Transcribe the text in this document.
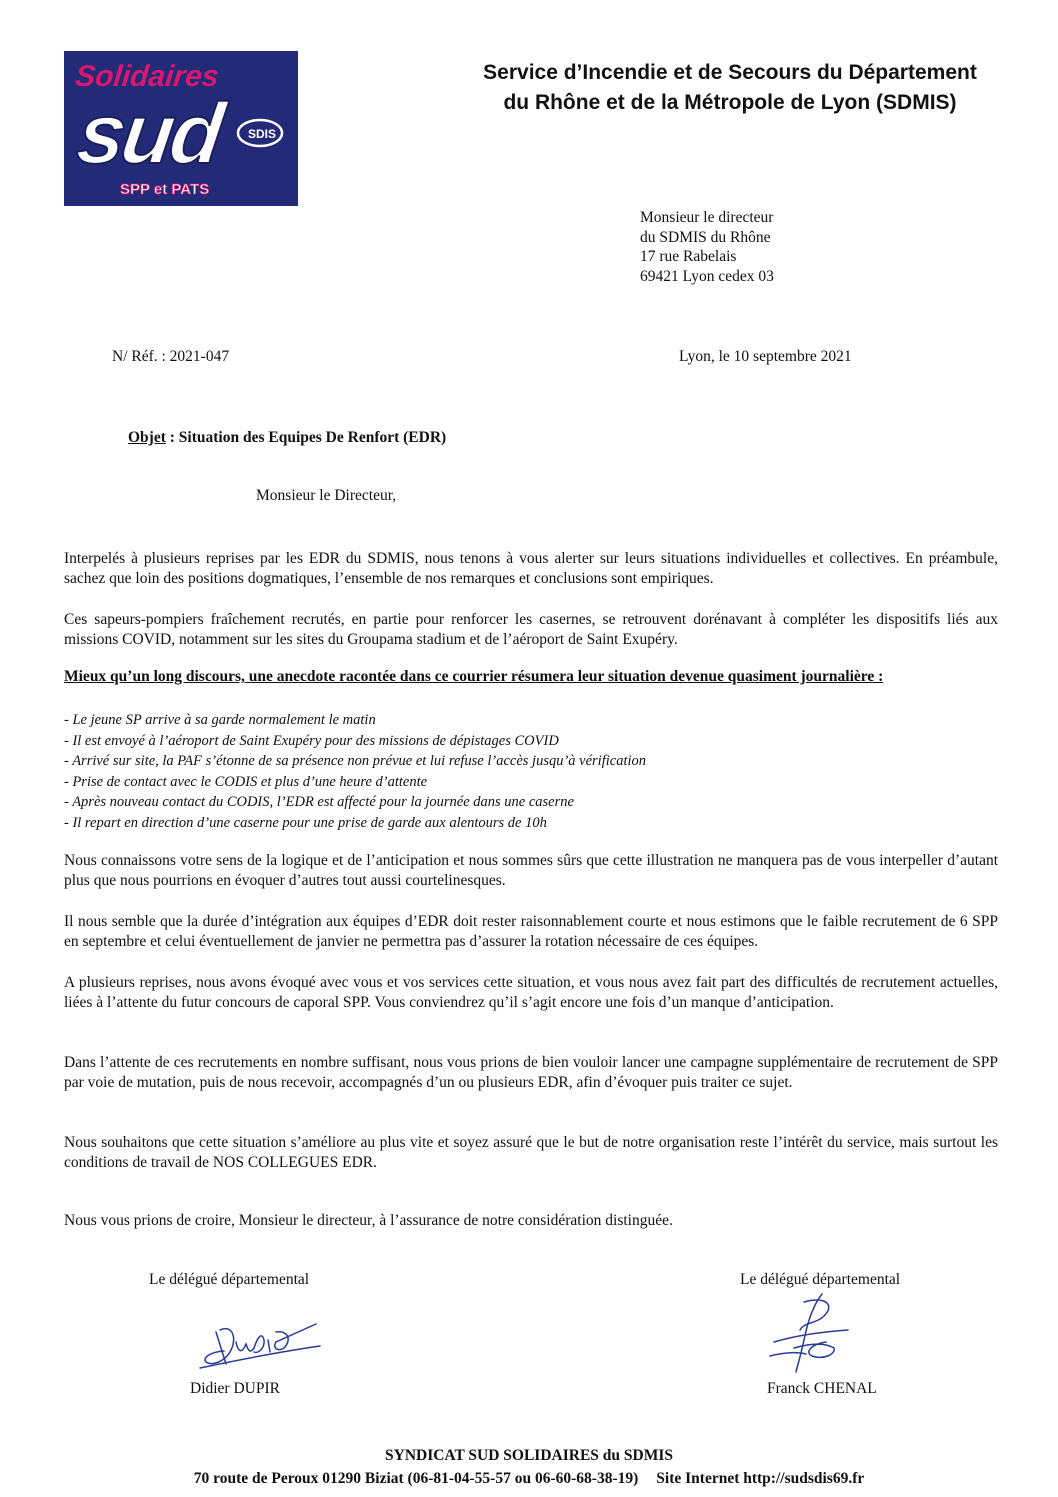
Solidaires
sud	SDIS
SPP et PATS
Service d’Incendie et de Secours du Département
du Rhône et de la Métropole de Lyon (SDMIS)
Monsieur le directeur
du SDMIS du Rhône
17 rue Rabelais
69421 Lyon cedex 03
N/ Réf. : 2021-047	Lyon, le 10 septembre 2021
Objet : Situation des Equipes De Renfort (EDR)
Monsieur le Directeur,

Interpelés à plusieurs reprises par les EDR du SDMIS, nous tenons à vous alerter sur leurs situations individuelles et collectives. En préambule, sachez que loin des positions dogmatiques, l’ensemble de nos remarques et conclusions sont empiriques.

Ces sapeurs-pompiers fraîchement recrutés, en partie pour renforcer les casernes, se retrouvent dorénavant à compléter les dispositifs liés aux missions COVID, notamment sur les sites du Groupama stadium et de l’aéroport de Saint Exupéry.

Mieux qu’un long discours, une anecdote racontée dans ce courrier résumera leur situation devenue quasiment journalière :
- Le jeune SP arrive à sa garde normalement le matin
- Il est envoyé à l’aéroport de Saint Exupéry pour des missions de dépistages COVID
- Arrivé sur site, la PAF s’étonne de sa présence non prévue et lui refuse l’accès jusqu’à vérification
- Prise de contact avec le CODIS et plus d’une heure d’attente
- Après nouveau contact du CODIS, l’EDR est affecté pour la journée dans une caserne
- Il repart en direction d’une caserne pour une prise de garde aux alentours de 10h

Nous connaissons votre sens de la logique et de l’anticipation et nous sommes sûrs que cette illustration ne manquera pas de vous interpeller d’autant plus que nous pourrions en évoquer d’autres tout aussi courtelinesques.

Il nous semble que la durée d’intégration aux équipes d’EDR doit rester raisonnablement courte et nous estimons que le faible recrutement de 6 SPP en septembre et celui éventuellement de janvier ne permettra pas d’assurer la rotation nécessaire de ces équipes.

A plusieurs reprises, nous avons évoqué avec vous et vos services cette situation, et vous nous avez fait part des difficultés de recrutement actuelles, liées à l’attente du futur concours de caporal SPP. Vous conviendrez qu’il s’agit encore une fois d’un manque d’anticipation.

Dans l’attente de ces recrutements en nombre suffisant, nous vous prions de bien vouloir lancer une campagne supplémentaire de recrutement de SPP par voie de mutation, puis de nous recevoir, accompagnés d’un ou plusieurs EDR, afin d’évoquer puis traiter ce sujet.

Nous souhaitons que cette situation s’améliore au plus vite et soyez assuré que le but de notre organisation reste l’intérêt du service, mais surtout les conditions de travail de NOS COLLEGUES EDR.

Nous vous prions de croire, Monsieur le directeur, à l’assurance de notre considération distinguée.

Le délégué départemental	Le délégué départemental
Didier DUPIR	Franck CHENAL
SYNDICAT SUD SOLIDAIRES du SDMIS
70 route de Peroux 01290 Biziat (06-81-04-55-57 ou 06-60-68-38-19) Site Internet http://sudsdis69.fr
